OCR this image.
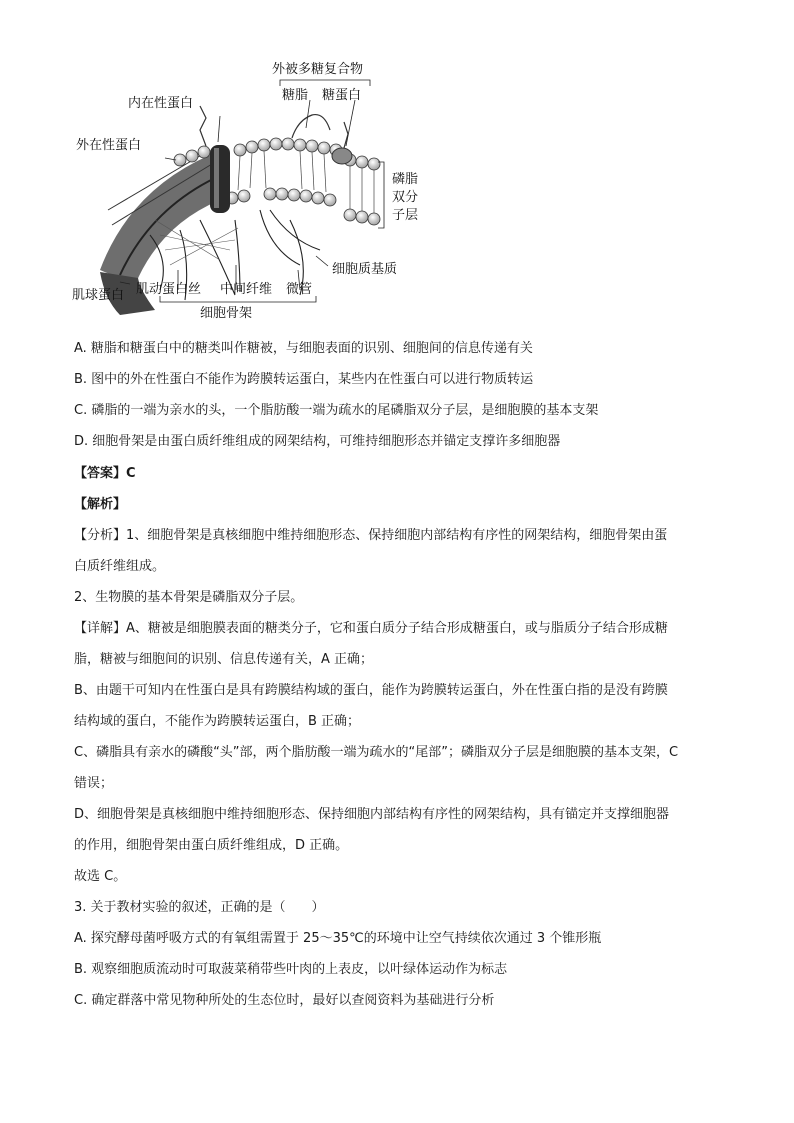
外被多糖复合物
糖脂 糖蛋白
内在性蛋白
外在性蛋白
磷脂
双分
子层
细胞质基质
肌球蛋白 肌动蛋白丝 中间纤维 微管
细胞骨架
A. 糖脂和糖蛋白中的糖类叫作糖被，与细胞表面的识别、细胞间的信息传递有关
B. 图中的外在性蛋白不能作为跨膜转运蛋白，某些内在性蛋白可以进行物质转运
C. 磷脂的一端为亲水的头，一个脂肪酸一端为疏水的尾磷脂双分子层，是细胞膜的基本支架
D. 细胞骨架是由蛋白质纤维组成的网架结构，可维持细胞形态并锚定支撑许多细胞器
【答案】C
【解析】
【分析】1、细胞骨架是真核细胞中维持细胞形态、保持细胞内部结构有序性的网架结构，细胞骨架由蛋
白质纤维组成。
2、生物膜的基本骨架是磷脂双分子层。
【详解】A、糖被是细胞膜表面的糖类分子，它和蛋白质分子结合形成糖蛋白，或与脂质分子结合形成糖
脂，糖被与细胞间的识别、信息传递有关，A 正确；
B、由题干可知内在性蛋白是具有跨膜结构域的蛋白，能作为跨膜转运蛋白，外在性蛋白指的是没有跨膜
结构域的蛋白，不能作为跨膜转运蛋白，B 正确；
C、磷脂具有亲水的磷酸“头”部，两个脂肪酸一端为疏水的“尾部”；磷脂双分子层是细胞膜的基本支架，C
错误；
D、细胞骨架是真核细胞中维持细胞形态、保持细胞内部结构有序性的网架结构，具有锚定并支撑细胞器
的作用，细胞骨架由蛋白质纤维组成，D 正确。
故选 C。
3. 关于教材实验的叙述，正确的是（　　）
A. 探究酵母菌呼吸方式的有氧组需置于 25～35℃的环境中让空气持续依次通过 3 个锥形瓶
B. 观察细胞质流动时可取菠菜稍带些叶肉的上表皮，以叶绿体运动作为标志
C. 确定群落中常见物种所处的生态位时，最好以查阅资料为基础进行分析
